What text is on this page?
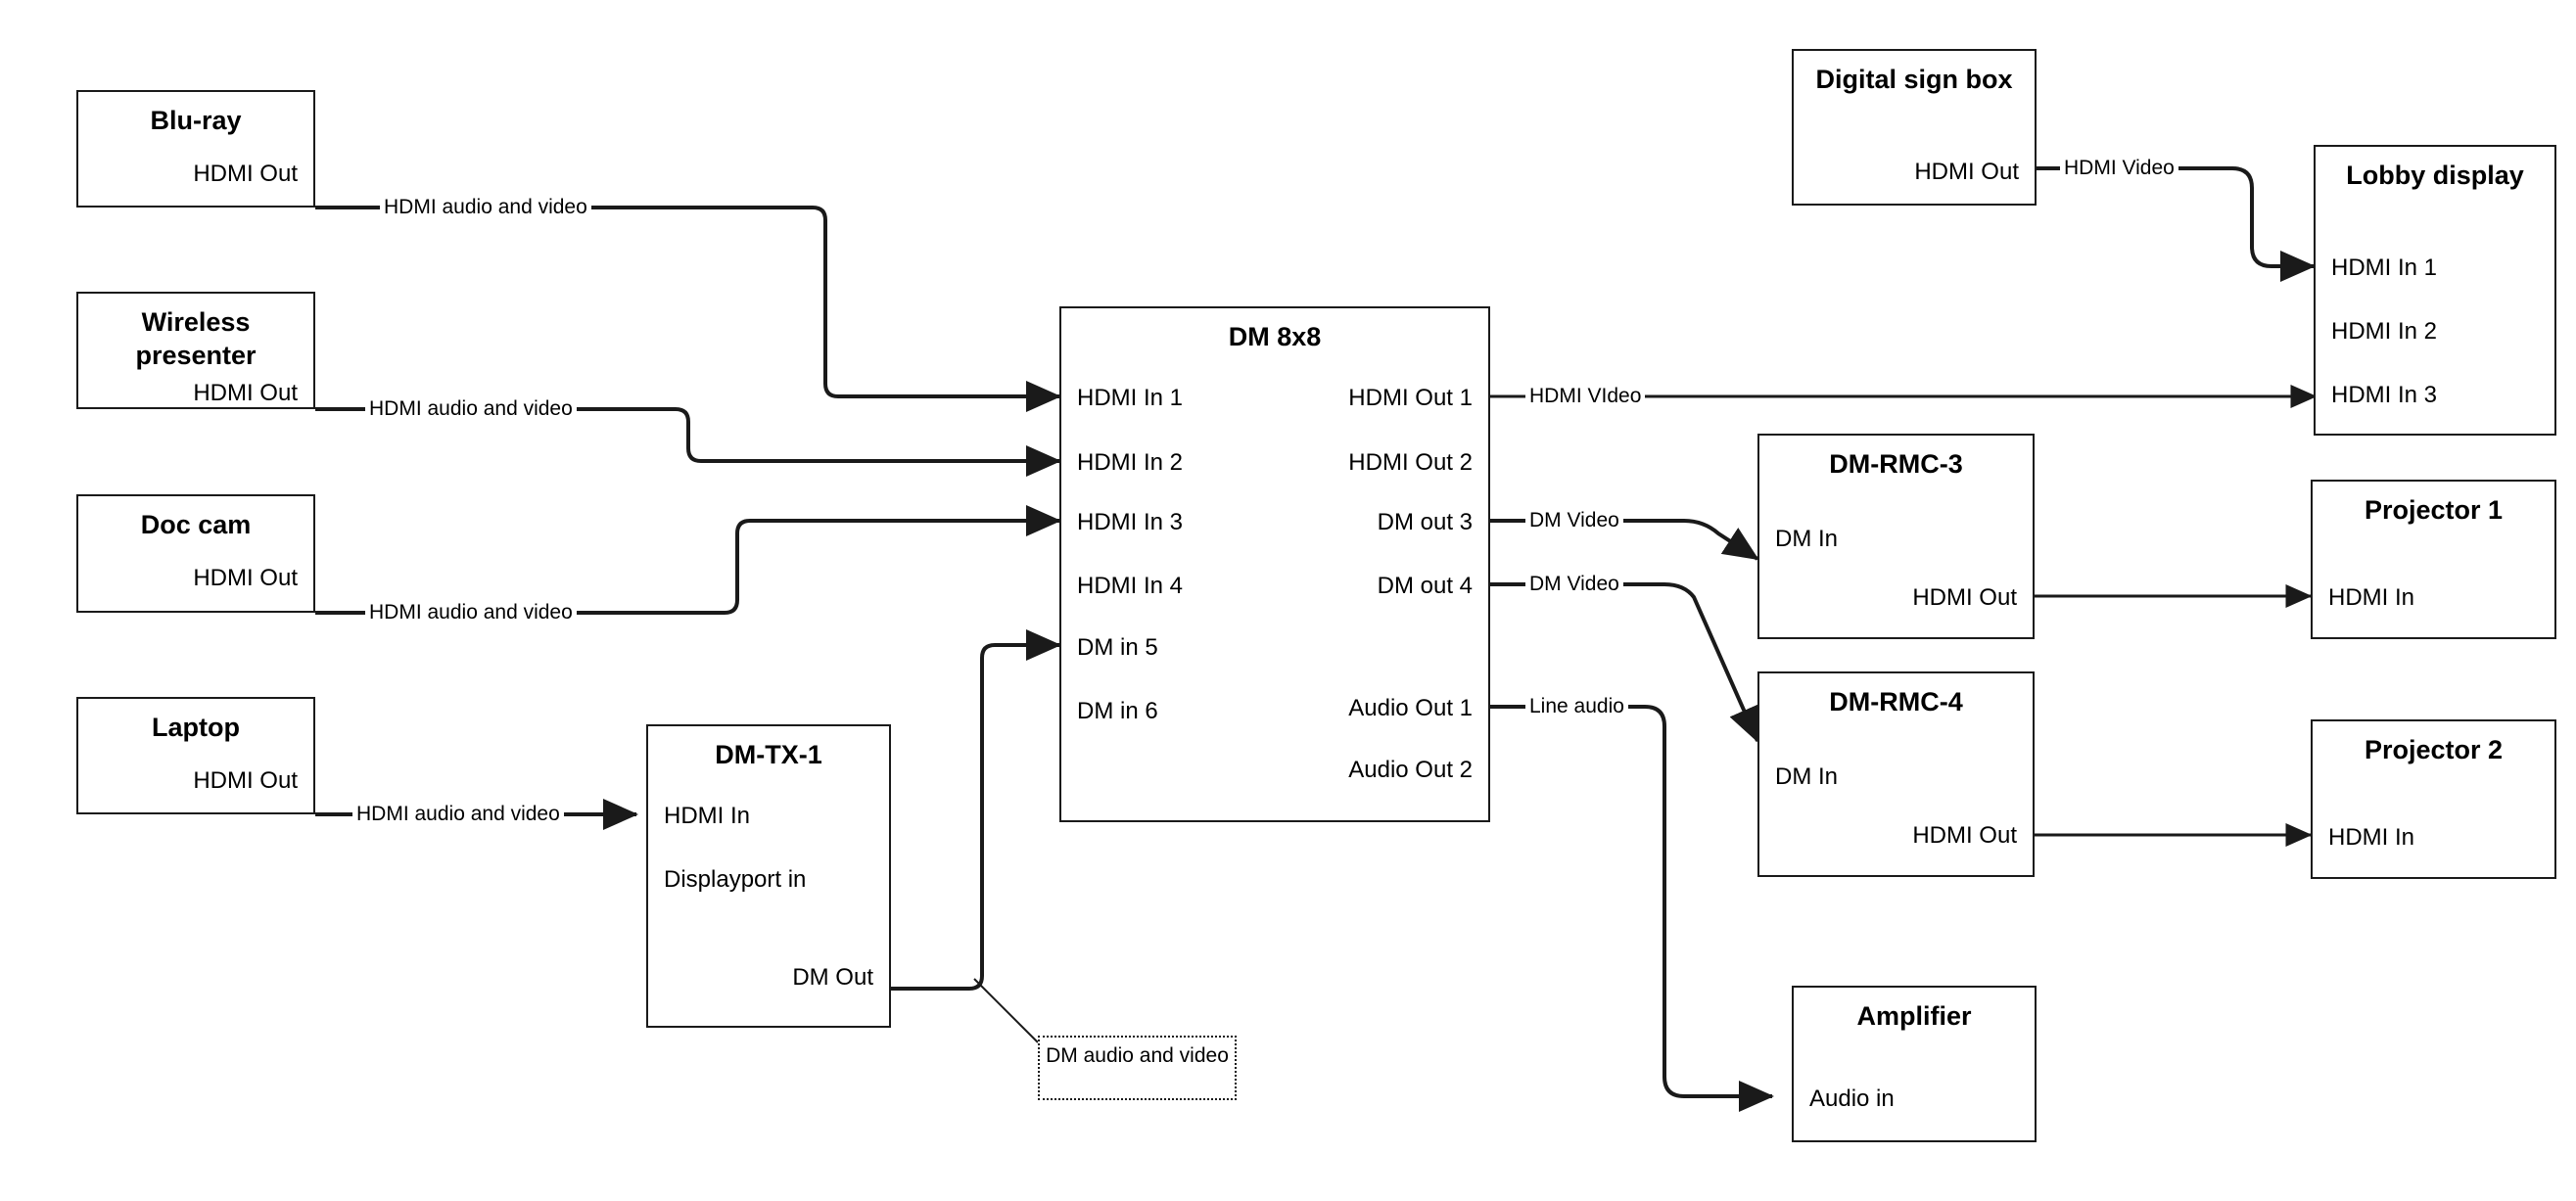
Blu-ray
HDMI Out
Wireless presenter
HDMI Out
Doc cam
HDMI Out
Laptop
HDMI Out
DM-TX-1
HDMI In
Displayport in
DM Out
DM 8x8
HDMI In 1
HDMI In 2
HDMI In 3
HDMI In 4
DM in 5
DM in 6
HDMI Out 1
HDMI Out 2
DM out 3
DM out 4
Audio Out 1
Audio Out 2
Digital sign box
HDMI Out	Lobby display
HDMI In 1
HDMI In 2
HDMI In 3
DM-RMC-3
DM In
HDMI Out
DM-RMC-4
DM In
HDMI Out
Projector 1
HDMI In
Projector 2
HDMI In
Amplifier
Audio in
HDMI audio and video
HDMI audio and video
HDMI audio and video
HDMI audio and video
HDMI VIdeo
HDMI Video
DM Video
DM Video
Line audio
DM audio and video
